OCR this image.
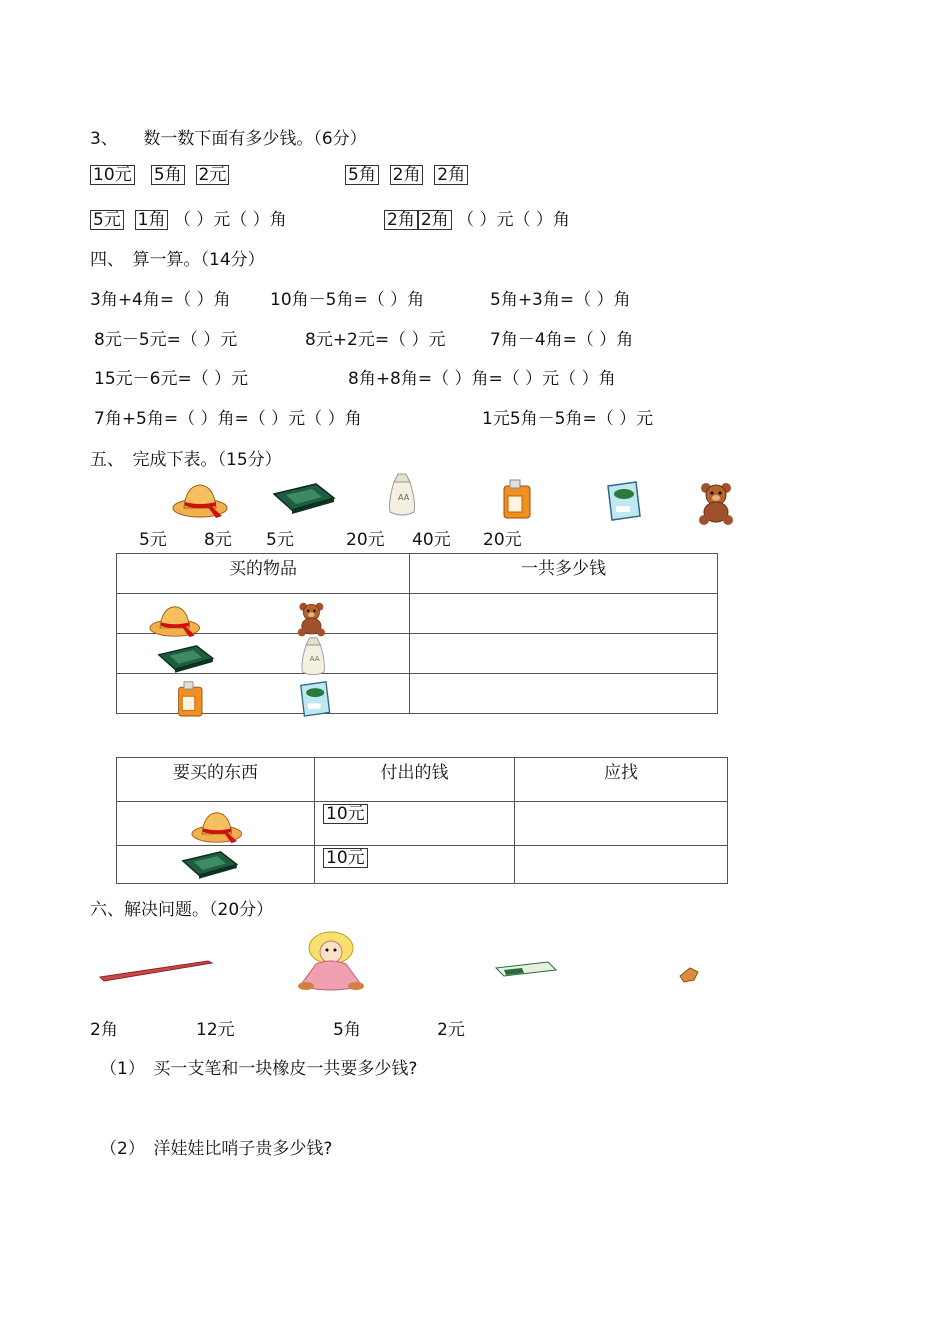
AA
3、　　数一数下面有多少钱。（6分）
10元 5角 2元	5角 2角 2角
5元 1角 （ ）元（ ）角	2角 2角 （ ）元（ ）角
四、　算一算。（14分）
3角+4角=（ ）角 10角－5角=（ ）角	5角+3角=（ ）角
8元－5元=（ ）元	8元+2元=（ ）元	7角－4角=（ ）角
15元－6元=（ ）元	8角+8角=（ ）角=（ ）元（ ）角
7角+5角=（ ）角=（ ）元（ ）角	1元5角－5角=（ ）元
五、　完成下表。（15分）
5元 8元 5元	20元 40元 20元
买的物品	一共多少钱

要买的东西	付出的钱	应找

	10元	

	10元	
六、解决问题。（20分）
2角	12元	5角	2元
（1）　买一支笔和一块橡皮一共要多少钱?
（2）　洋娃娃比哨子贵多少钱?
